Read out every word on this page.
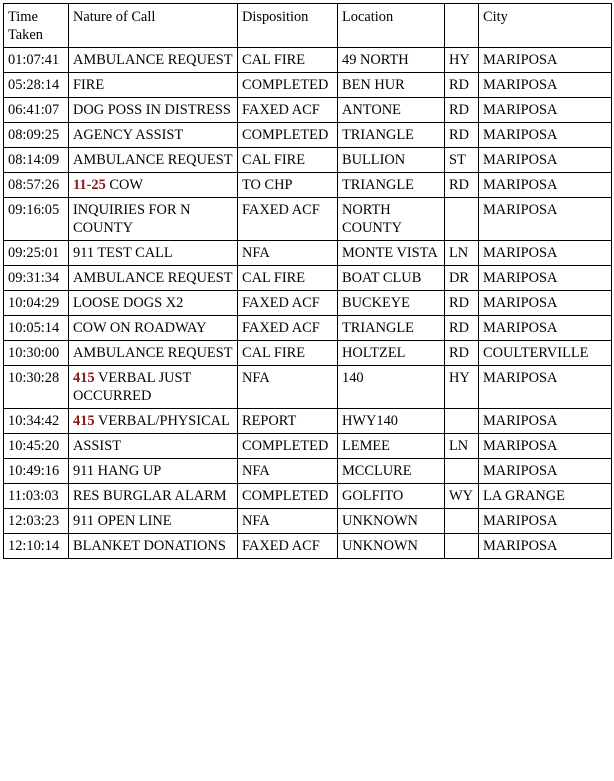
Time Taken	Nature of Call	Disposition	Location		City
01:07:41	AMBULANCE REQUEST	CAL FIRE	49 NORTH	HY	MARIPOSA
05:28:14	FIRE	COMPLETED	BEN HUR	RD	MARIPOSA
06:41:07	DOG POSS IN DISTRESS	FAXED ACF	ANTONE	RD	MARIPOSA
08:09:25	AGENCY ASSIST	COMPLETED	TRIANGLE	RD	MARIPOSA
08:14:09	AMBULANCE REQUEST	CAL FIRE	BULLION	ST	MARIPOSA
08:57:26	11-25 COW	TO CHP	TRIANGLE	RD	MARIPOSA
09:16:05	INQUIRIES FOR N COUNTY	FAXED ACF	NORTH COUNTY		MARIPOSA
09:25:01	911 TEST CALL	NFA	MONTE VISTA	LN	MARIPOSA
09:31:34	AMBULANCE REQUEST	CAL FIRE	BOAT CLUB	DR	MARIPOSA
10:04:29	LOOSE DOGS X2	FAXED ACF	BUCKEYE	RD	MARIPOSA
10:05:14	COW ON ROADWAY	FAXED ACF	TRIANGLE	RD	MARIPOSA
10:30:00	AMBULANCE REQUEST	CAL FIRE	HOLTZEL	RD	COULTERVILLE
10:30:28	415 VERBAL JUST OCCURRED	NFA	140	HY	MARIPOSA
10:34:42	415 VERBAL/PHYSICAL	REPORT	HWY140		MARIPOSA
10:45:20	ASSIST	COMPLETED	LEMEE	LN	MARIPOSA
10:49:16	911 HANG UP	NFA	MCCLURE		MARIPOSA
11:03:03	RES BURGLAR ALARM	COMPLETED	GOLFITO	WY	LA GRANGE
12:03:23	911 OPEN LINE	NFA	UNKNOWN		MARIPOSA
12:10:14	BLANKET DONATIONS	FAXED ACF	UNKNOWN		MARIPOSA
